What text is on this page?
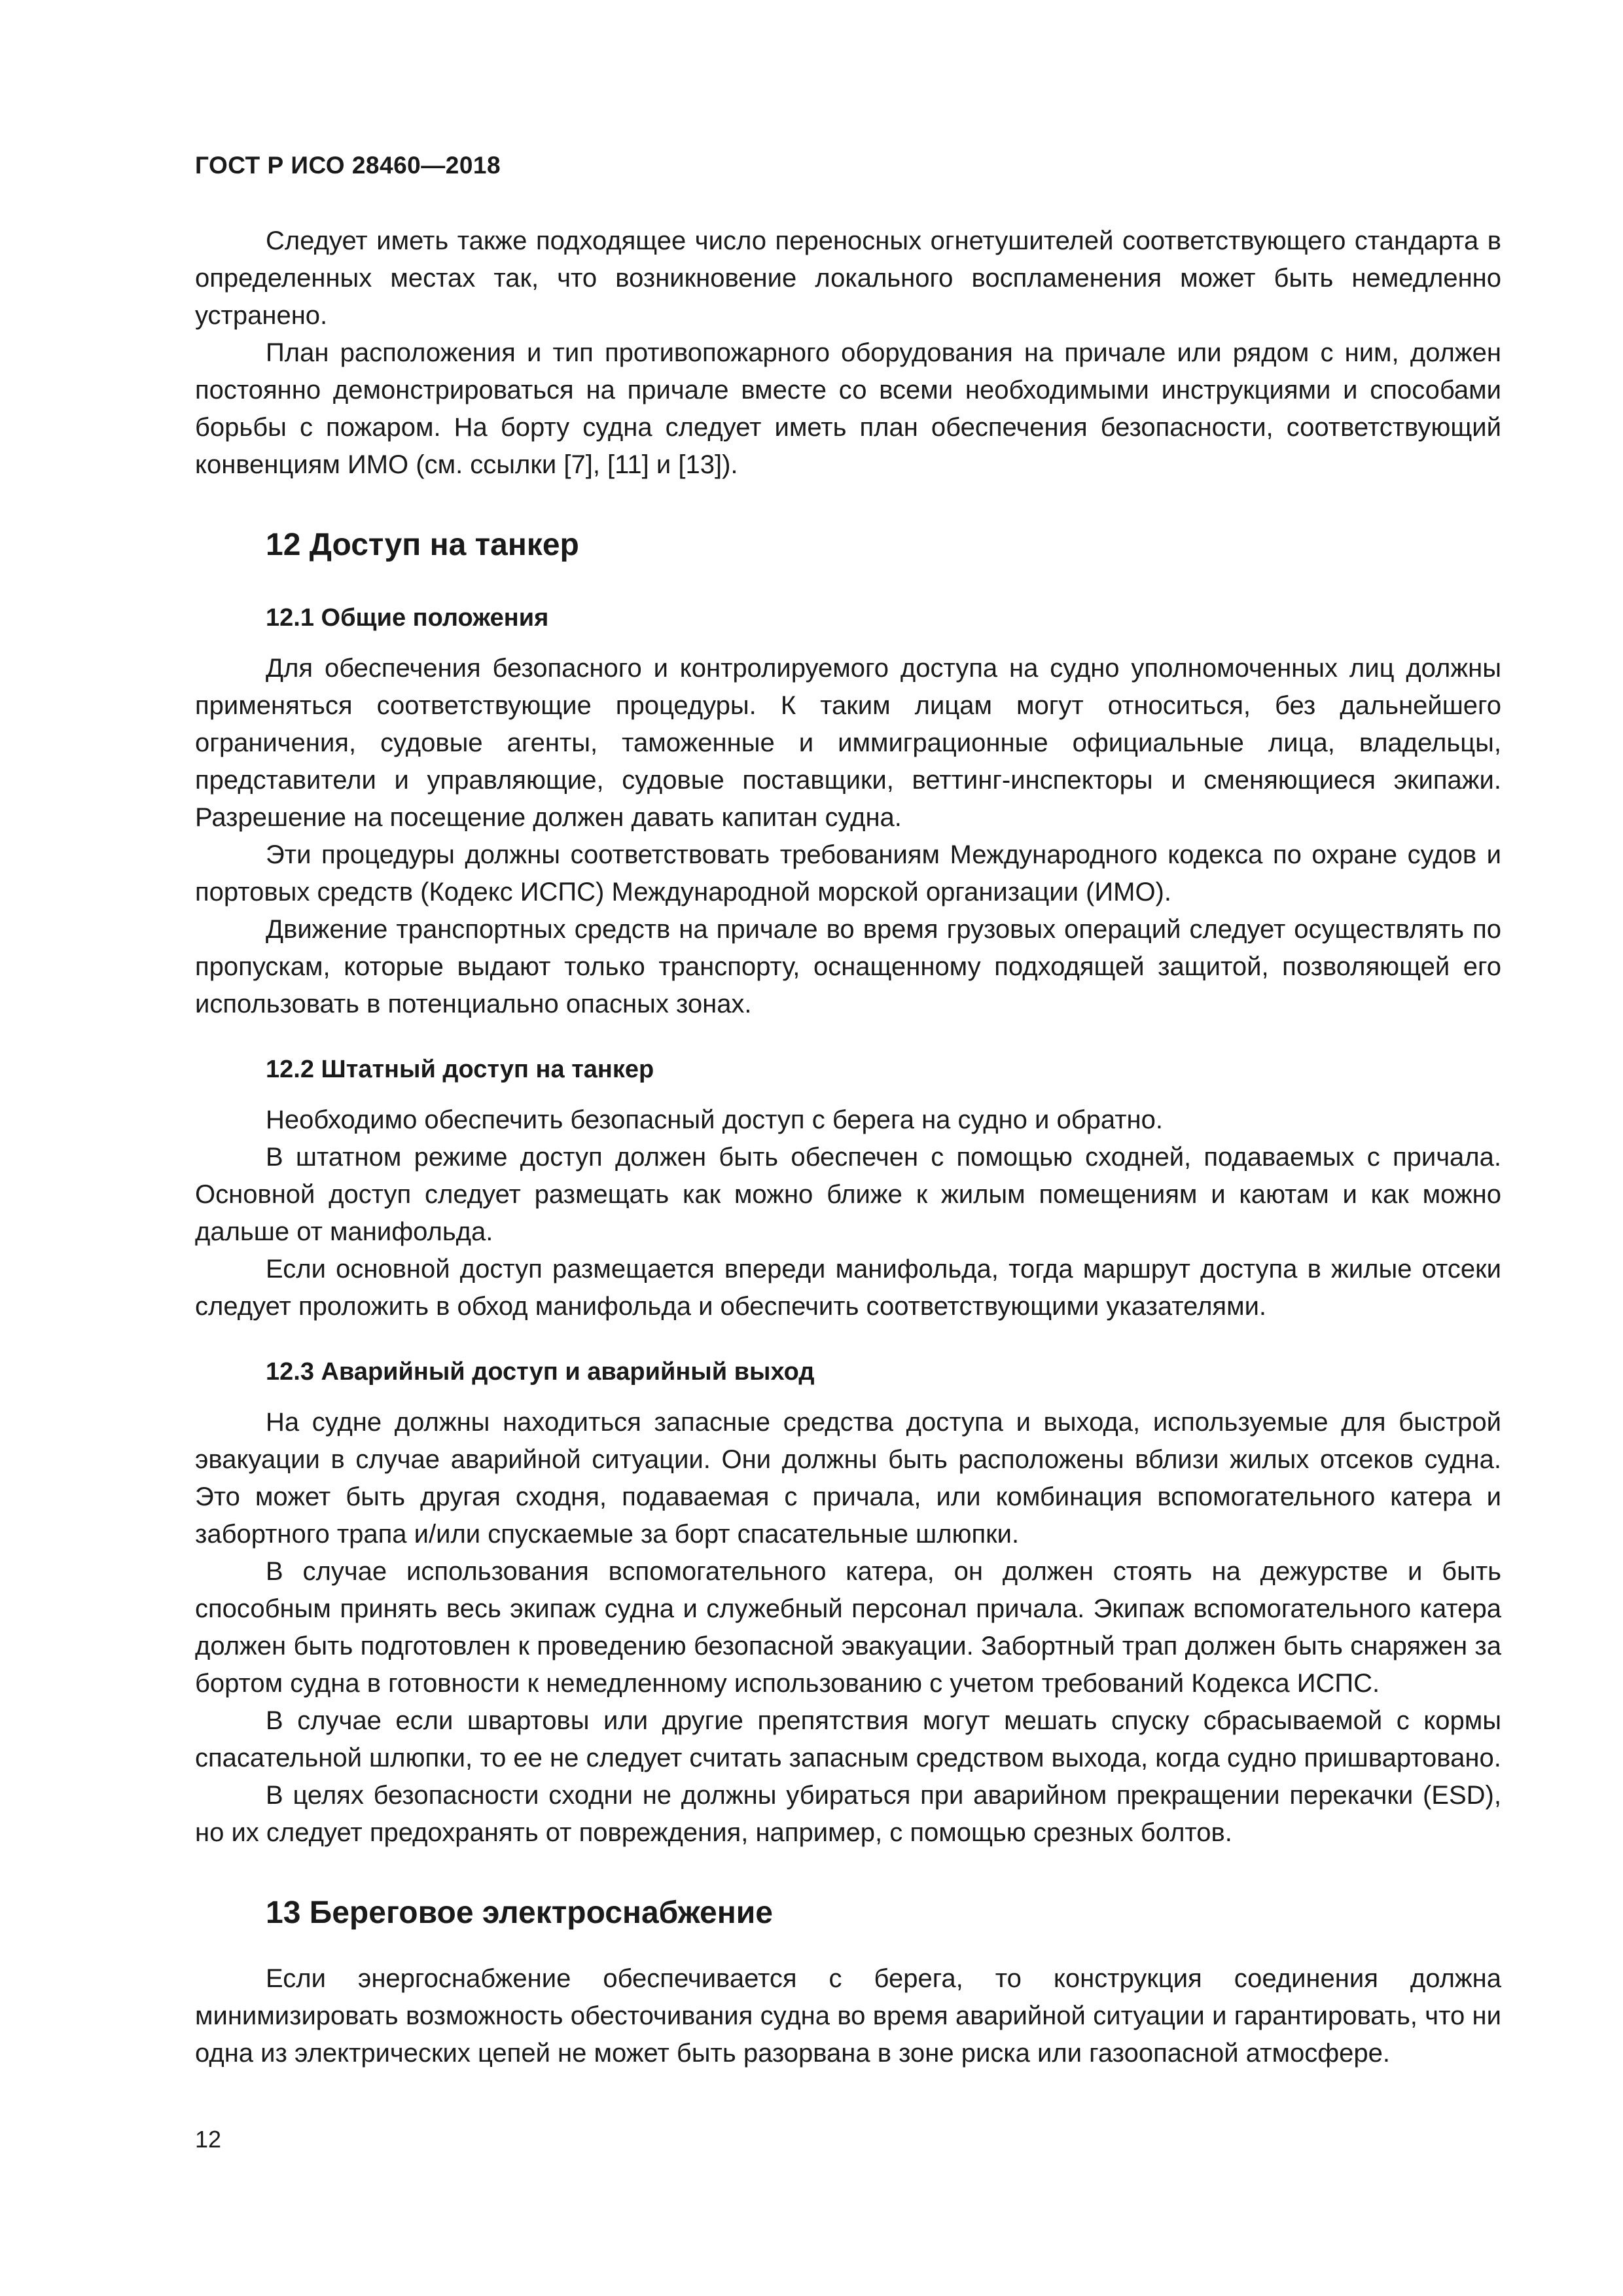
ГОСТ Р ИСО 28460—2018

Следует иметь также подходящее число переносных огнетушителей соответствующего стандарта в определенных местах так, что возникновение локального воспламенения может быть немедленно устранено.

План расположения и тип противопожарного оборудования на причале или рядом с ним, должен постоянно демонстрироваться на причале вместе со всеми необходимыми инструкциями и способами борьбы с пожаром. На борту судна следует иметь план обеспечения безопасности, соответствующий конвенциям ИМО (см. ссылки [7], [11] и [13]).

12 Доступ на танкер
12.1 Общие положения

Для обеспечения безопасного и контролируемого доступа на судно уполномоченных лиц должны применяться соответствующие процедуры. К таким лицам могут относиться, без дальнейшего ограничения, судовые агенты, таможенные и иммиграционные официальные лица, владельцы, представители и управляющие, судовые поставщики, веттинг-инспекторы и сменяющиеся экипажи. Разрешение на посещение должен давать капитан судна.

Эти процедуры должны соответствовать требованиям Международного кодекса по охране судов и портовых средств (Кодекс ИСПС) Международной морской организации (ИМО).

Движение транспортных средств на причале во время грузовых операций следует осуществлять по пропускам, которые выдают только транспорту, оснащенному подходящей защитой, позволяющей его использовать в потенциально опасных зонах.

12.2 Штатный доступ на танкер

Необходимо обеспечить безопасный доступ с берега на судно и обратно.

В штатном режиме доступ должен быть обеспечен с помощью сходней, подаваемых с причала. Основной доступ следует размещать как можно ближе к жилым помещениям и каютам и как можно дальше от манифольда.

Если основной доступ размещается впереди манифольда, тогда маршрут доступа в жилые отсеки следует проложить в обход манифольда и обеспечить соответствующими указателями.

12.3 Аварийный доступ и аварийный выход

На судне должны находиться запасные средства доступа и выхода, используемые для быстрой эвакуации в случае аварийной ситуации. Они должны быть расположены вблизи жилых отсеков судна. Это может быть другая сходня, подаваемая с причала, или комбинация вспомогательного катера и забортного трапа и/или спускаемые за борт спасательные шлюпки.

В случае использования вспомогательного катера, он должен стоять на дежурстве и быть способным принять весь экипаж судна и служебный персонал причала. Экипаж вспомогательного катера должен быть подготовлен к проведению безопасной эвакуации. Забортный трап должен быть снаряжен за бортом судна в готовности к немедленному использованию с учетом требований Кодекса ИСПС.

В случае если швартовы или другие препятствия могут мешать спуску сбрасываемой с кормы спасательной шлюпки, то ее не следует считать запасным средством выхода, когда судно пришвартовано.

В целях безопасности сходни не должны убираться при аварийном прекращении перекачки (ESD), но их следует предохранять от повреждения, например, с помощью срезных болтов.

13 Береговое электроснабжение

Если энергоснабжение обеспечивается с берега, то конструкция соединения должна минимизировать возможность обесточивания судна во время аварийной ситуации и гарантировать, что ни одна из электрических цепей не может быть разорвана в зоне риска или газоопасной атмосфере.

12
